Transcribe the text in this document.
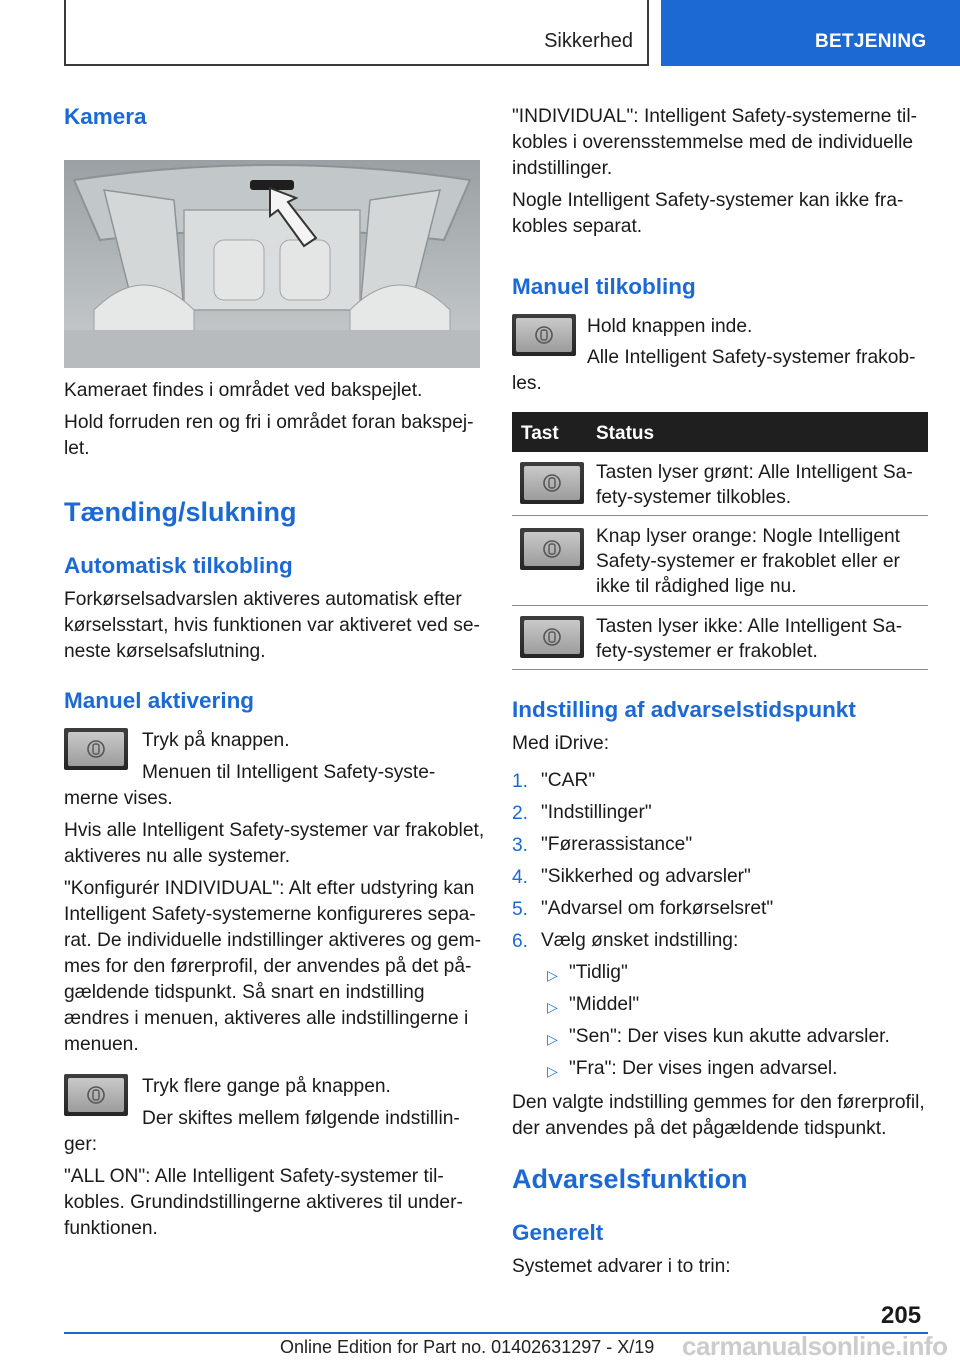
Sikkerhed	BETJENING
Kamera
Kameraet findes i området ved bakspejlet.
Hold forruden ren og fri i området foran bakspej-
let.
Tænding/slukning
Automatisk tilkobling
Forkørselsadvarslen aktiveres automatisk efter
kørselsstart, hvis funktionen var aktiveret ved se-
neste kørselsafslutning.
Manuel aktivering
Tryk på knappen.
Menuen til Intelligent Safety-syste-
merne vises.
Hvis alle Intelligent Safety-systemer var frakoblet,
aktiveres nu alle systemer.
"Konfigurér INDIVIDUAL": Alt efter udstyring kan
Intelligent Safety-systemerne konfigureres sepa-
rat. De individuelle indstillinger aktiveres og gem-
mes for den førerprofil, der anvendes på det på-
gældende tidspunkt. Så snart en indstilling
ændres i menuen, aktiveres alle indstillingerne i
menuen.
Tryk flere gange på knappen.
Der skiftes mellem følgende indstillin-
ger:
"ALL ON": Alle Intelligent Safety-systemer til-
kobles. Grundindstillingerne aktiveres til under-
funktionen.
"INDIVIDUAL": Intelligent Safety-systemerne til-
kobles i overensstemmelse med de individuelle
indstillinger.
Nogle Intelligent Safety-systemer kan ikke fra-
kobles separat.
Manuel tilkobling
Hold knappen inde.
Alle Intelligent Safety-systemer frakob-
les.
Tast Status
Tasten lyser grønt: Alle Intelligent Sa-
fety-systemer tilkobles.
Knap lyser orange: Nogle Intelligent
Safety-systemer er frakoblet eller er
ikke til rådighed lige nu.
Tasten lyser ikke: Alle Intelligent Sa-
fety-systemer er frakoblet.
Indstilling af advarselstidspunkt
Med iDrive:
1. "CAR"
2. "Indstillinger"
3. "Førerassistance"
4. "Sikkerhed og advarsler"
5. "Advarsel om forkørselsret"
6. Vælg ønsket indstilling:
▷ "Tidlig"
▷ "Middel"
▷ "Sen": Der vises kun akutte advarsler.
▷ "Fra": Der vises ingen advarsel.
Den valgte indstilling gemmes for den førerprofil,
der anvendes på det pågældende tidspunkt.
Advarselsfunktion
Generelt
Systemet advarer i to trin:
205
Online Edition for Part no. 01402631297 - X/19 carmanualsonline.info
